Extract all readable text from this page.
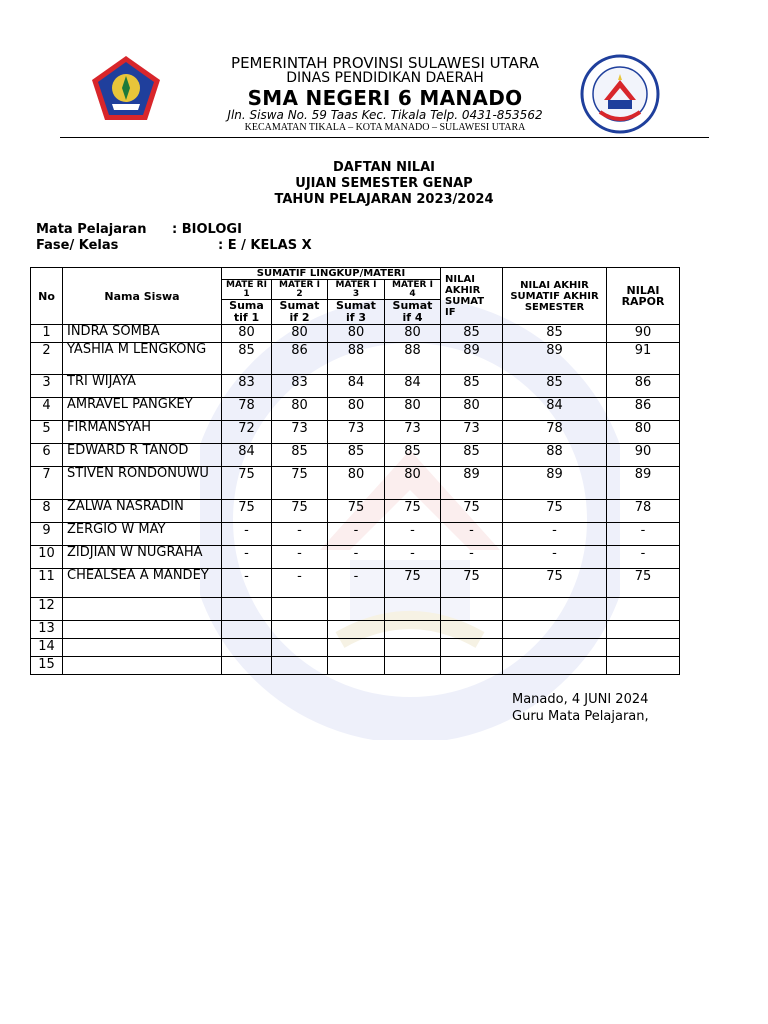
PEMERINTAH PROVINSI SULAWESI UTARA
DINAS PENDIDIKAN DAERAH
SMA NEGERI 6 MANADO
Jln. Siswa No. 59 Taas Kec. Tikala Telp. 0431-853562
KECAMATAN TIKALA – KOTA MANADO – SULAWESI UTARA
DAFTAN NILAI
UJIAN SEMESTER GENAP
TAHUN PELAJARAN 2023/2024
Mata Pelajaran : BIOLOGI
Fase/ Kelas	: E / KELAS X
No	Nama Siswa	SUMATIF LINGKUP/MATERI				NILAI AKHIR SUMAT IF	NILAI AKHIR SUMATIF AKHIR SEMESTER	NILAI RAPOR
		MATE RI 1	MATER I 2	MATER I 3	MATER I 4			
		Suma tif 1	Sumat if 2	Sumat if 3	Sumat if 4			
1	INDRA SOMBA	80	80	80	80	85	85	90
2	YASHIA M LENGKONG	85	86	88	88	89	89	91
3	TRI WIJAYA	83	83	84	84	85	85	86
4	AMRAVEL PANGKEY	78	80	80	80	80	84	86
5	FIRMANSYAH	72	73	73	73	73	78	80
6	EDWARD R TANOD	84	85	85	85	85	88	90
7	STIVEN RONDONUWU	75	75	80	80	89	89	89
8	ZALWA NASRADIN	75	75	75	75	75	75	78
9	ZERGIO W MAY	-	-	-	-	-	-	-
10	ZIDJIAN W NUGRAHA	-	-	-	-	-	-	-
11	CHEALSEA A MANDEY	-	-	-	75	75	75	75
12								
13								
14								
15								
Manado, 4 JUNI 2024
Guru Mata Pelajaran,
